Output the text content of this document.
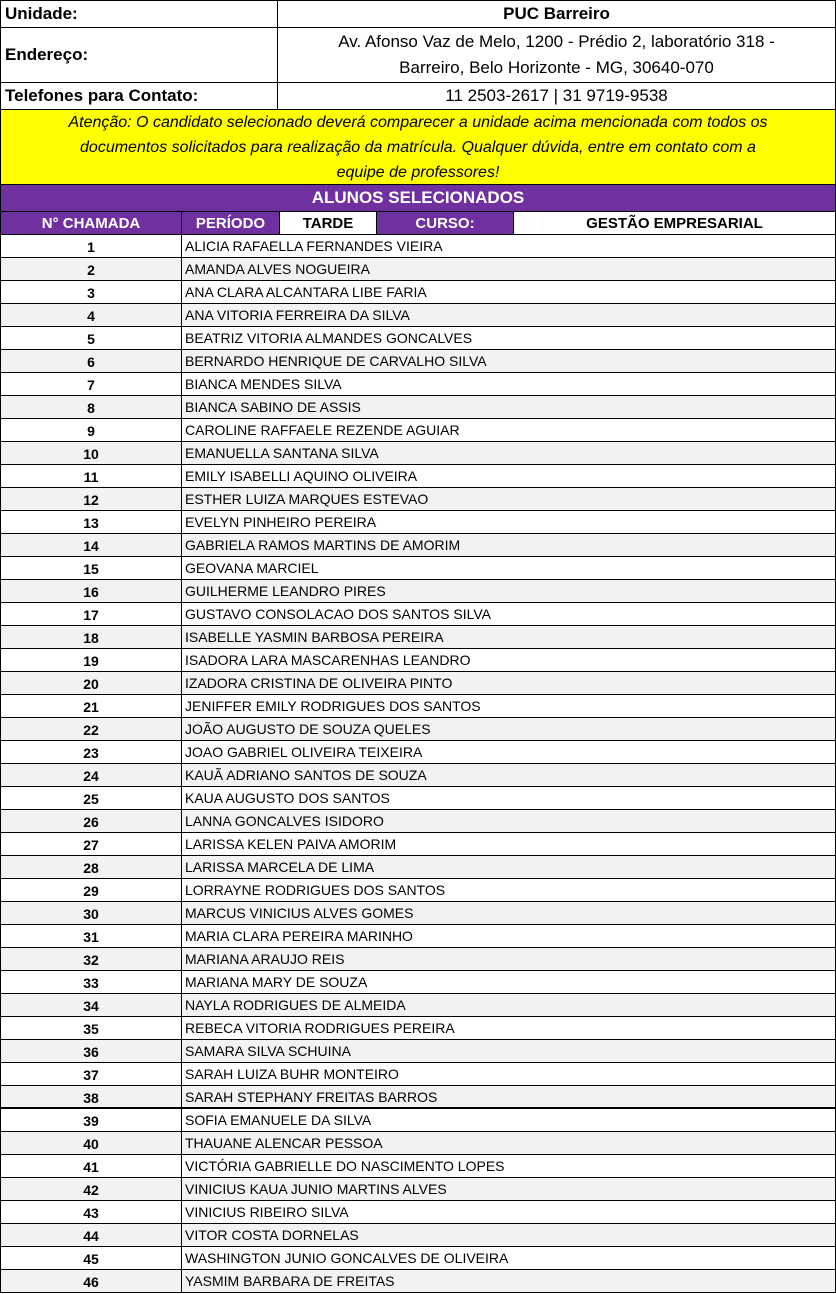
Unidade:	PUC Barreiro
Endereço:
Av. Afonso Vaz de Melo, 1200 - Prédio 2, laboratório 318 -
Barreiro, Belo Horizonte - MG, 30640-070
Telefones para Contato:	11 2503-2617 | 31 9719-9538
Atenção: O candidato selecionado deverá comparecer a unidade acima mencionada com todos os
documentos solicitados para realização da matrícula. Qualquer dúvida, entre em contato com a
equipe de professores!
ALUNOS SELECIONADOS
N° CHAMADA	PERÍODO	TARDE	CURSO:	GESTÃO EMPRESARIAL
1	ALICIA RAFAELLA FERNANDES VIEIRA
2	AMANDA ALVES NOGUEIRA
3	ANA CLARA ALCANTARA LIBE FARIA
4	ANA VITORIA FERREIRA DA SILVA
5	BEATRIZ VITORIA ALMANDES GONCALVES
6	BERNARDO HENRIQUE DE CARVALHO SILVA
7	BIANCA MENDES SILVA
8	BIANCA SABINO DE ASSIS
9	CAROLINE RAFFAELE REZENDE AGUIAR
10	EMANUELLA SANTANA SILVA
11	EMILY ISABELLI AQUINO OLIVEIRA
12	ESTHER LUIZA MARQUES ESTEVAO
13	EVELYN PINHEIRO PEREIRA
14	GABRIELA RAMOS MARTINS DE AMORIM
15	GEOVANA MARCIEL
16	GUILHERME LEANDRO PIRES
17	GUSTAVO CONSOLACAO DOS SANTOS SILVA
18	ISABELLE YASMIN BARBOSA PEREIRA
19	ISADORA LARA MASCARENHAS LEANDRO
20	IZADORA CRISTINA DE OLIVEIRA PINTO
21	JENIFFER EMILY RODRIGUES DOS SANTOS
22	JOÃO AUGUSTO DE SOUZA QUELES
23	JOAO GABRIEL OLIVEIRA TEIXEIRA
24	KAUÃ ADRIANO SANTOS DE SOUZA
25	KAUA AUGUSTO DOS SANTOS
26	LANNA GONCALVES ISIDORO
27	LARISSA KELEN PAIVA AMORIM
28	LARISSA MARCELA DE LIMA
29	LORRAYNE RODRIGUES DOS SANTOS
30	MARCUS VINICIUS ALVES GOMES
31	MARIA CLARA PEREIRA MARINHO
32	MARIANA ARAUJO REIS
33	MARIANA MARY DE SOUZA
34	NAYLA RODRIGUES DE ALMEIDA
35	REBECA VITORIA RODRIGUES PEREIRA
36	SAMARA SILVA SCHUINA
37	SARAH LUIZA BUHR MONTEIRO
38	SARAH STEPHANY FREITAS BARROS
39	SOFIA EMANUELE DA SILVA
40	THAUANE ALENCAR PESSOA
41	VICTÓRIA GABRIELLE DO NASCIMENTO LOPES
42	VINICIUS KAUA JUNIO MARTINS ALVES
43	VINICIUS RIBEIRO SILVA
44	VITOR COSTA DORNELAS
45	WASHINGTON JUNIO GONCALVES DE OLIVEIRA
46	YASMIM BARBARA DE FREITAS
